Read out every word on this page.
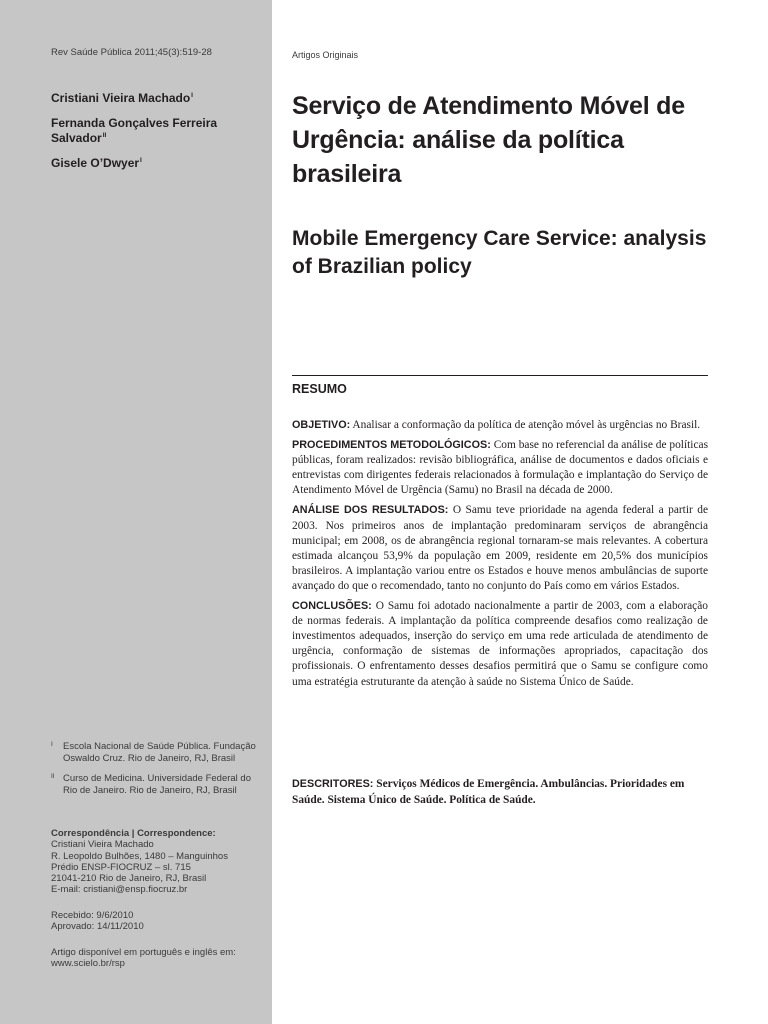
Rev Saúde Pública 2011;45(3):519-28
Cristiani Vieira Machado$^I$
Fernanda Gonçalves Ferreira Salvador$^{II}$
Gisele O’Dwyer$^I$
I	Escola Nacional de Saúde Pública. Fundação Oswaldo Cruz. Rio de Janeiro, RJ, Brasil
II Curso de Medicina. Universidade Federal do Rio de Janeiro. Rio de Janeiro, RJ, Brasil
Correspondência | Correspondence:
Cristiani Vieira Machado
R. Leopoldo Bulhões, 1480 – Manguinhos
Prédio ENSP-FIOCRUZ – sl. 715
21041-210 Rio de Janeiro, RJ, Brasil
E-mail: cristiani@ensp.fiocruz.br
Recebido: 9/6/2010
Aprovado: 14/11/2010
Artigo disponível em português e inglês em: www.scielo.br/rsp
Artigos Originais
Serviço de Atendimento Móvel de Urgência: análise da política brasileira
Mobile Emergency Care Service: analysis of Brazilian policy
RESUMO

OBJETIVO: Analisar a conformação da política de atenção móvel às urgências no Brasil.

PROCEDIMENTOS METODOLÓGICOS: Com base no referencial da análise de políticas públicas, foram realizados: revisão bibliográfica, análise de documentos e dados oficiais e entrevistas com dirigentes federais relacionados à formulação e implantação do Serviço de Atendimento Móvel de Urgência (Samu) no Brasil na década de 2000.

ANÁLISE DOS RESULTADOS: O Samu teve prioridade na agenda federal a partir de 2003. Nos primeiros anos de implantação predominaram serviços de abrangência municipal; em 2008, os de abrangência regional tornaram-se mais relevantes. A cobertura estimada alcançou 53,9% da população em 2009, residente em 20,5% dos municípios brasileiros. A implantação variou entre os Estados e houve menos ambulâncias de suporte avançado do que o recomendado, tanto no conjunto do País como em vários Estados.

CONCLUSÕES: O Samu foi adotado nacionalmente a partir de 2003, com a elaboração de normas federais. A implantação da política compreende desafios como realização de investimentos adequados, inserção do serviço em uma rede articulada de atendimento de urgência, conformação de sistemas de informações apropriados, capacitação dos profissionais. O enfrentamento desses desafios permitirá que o Samu se configure como uma estratégia estruturante da atenção à saúde no Sistema Único de Saúde.

DESCRITORES: Serviços Médicos de Emergência. Ambulâncias. Prioridades em Saúde. Sistema Único de Saúde. Política de Saúde.
